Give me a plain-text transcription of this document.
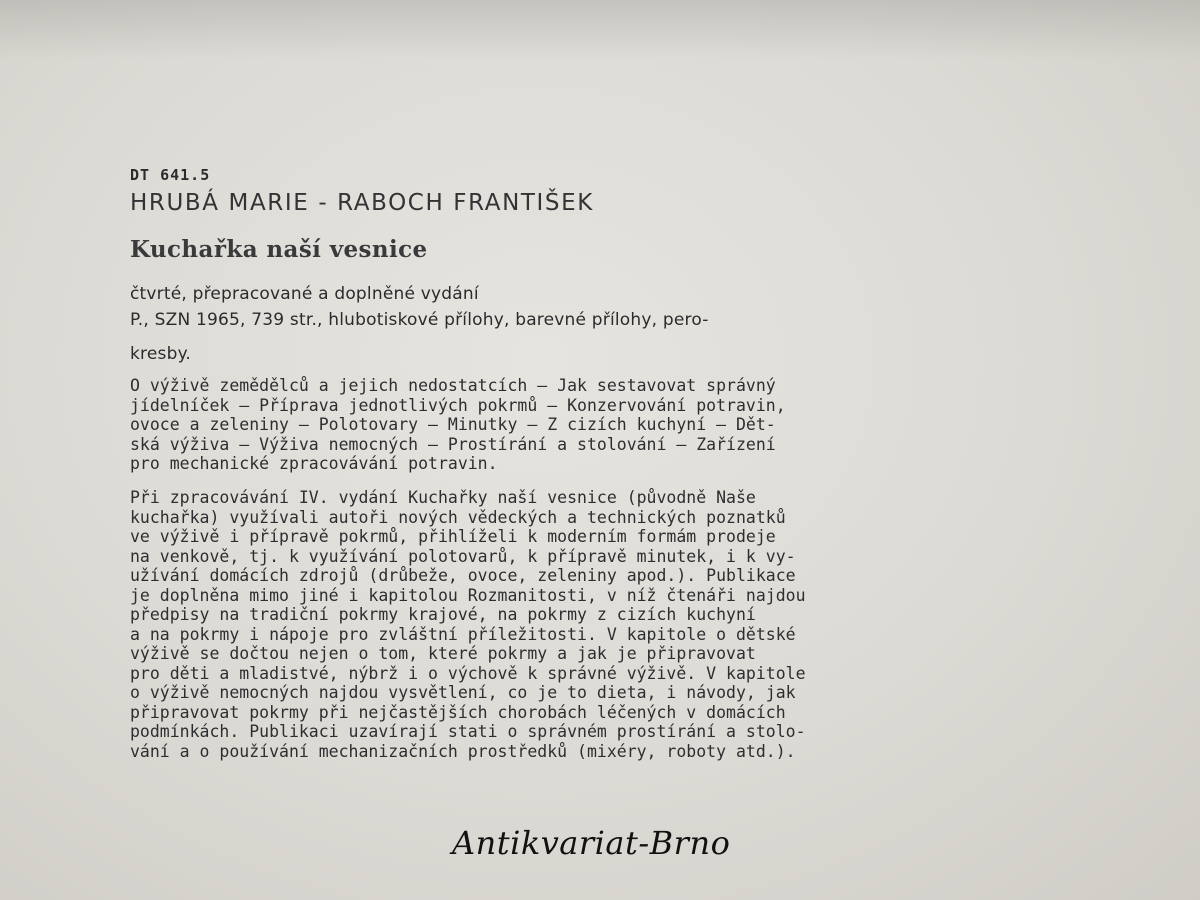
DT 641.5
HRUBÁ MARIE - RABOCH FRANTIŠEK
Kuchařka naší vesnice
čtvrté, přepracované a doplněné vydání
P., SZN 1965, 739 str., hlubotiskové přílohy, barevné přílohy, pero-
kresby.
O výživě zemědělců a jejich nedostatcích – Jak sestavovat správný
jídelníček – Příprava jednotlivých pokrmů – Konzervování potravin,
ovoce a zeleniny – Polotovary – Minutky – Z cizích kuchyní – Dět-
ská výživa – Výživa nemocných – Prostírání a stolování – Zařízení
pro mechanické zpracovávání potravin.
Při zpracovávání IV. vydání Kuchařky naší vesnice (původně Naše
kuchařka) využívali autoři nových vědeckých a technických poznatků
ve výživě i přípravě pokrmů, přihlíželi k moderním formám prodeje
na venkově, tj. k využívání polotovarů, k přípravě minutek, i k vy-
užívání domácích zdrojů (drůbeže, ovoce, zeleniny apod.). Publikace
je doplněna mimo jiné i kapitolou Rozmanitosti, v níž čtenáři najdou
předpisy na tradiční pokrmy krajové, na pokrmy z cizích kuchyní
a na pokrmy i nápoje pro zvláštní příležitosti. V kapitole o dětské
výživě se dočtou nejen o tom, které pokrmy a jak je připravovat
pro děti a mladistvé, nýbrž i o výchově k správné výživě. V kapitole
o výživě nemocných najdou vysvětlení, co je to dieta, i návody, jak
připravovat pokrmy při nejčastějších chorobách léčených v domácích
podmínkách. Publikaci uzavírají stati o správném prostírání a stolo-
vání a o používání mechanizačních prostředků (mixéry, roboty atd.).
Antikvariat-Brno
